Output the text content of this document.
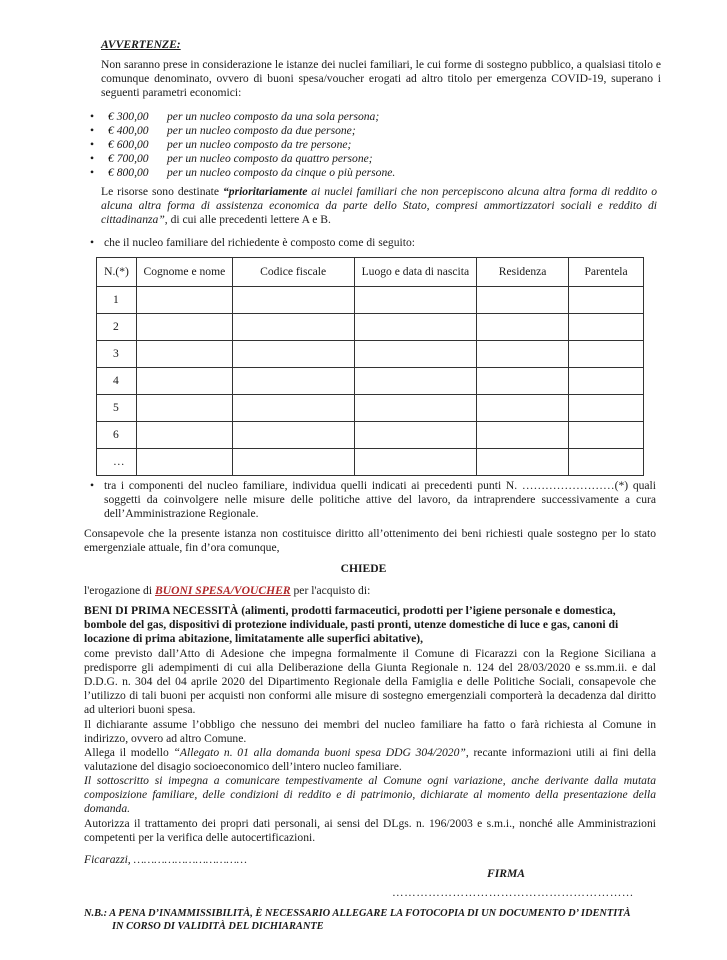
AVVERTENZE:
Non saranno prese in considerazione le istanze dei nuclei familiari, le cui forme di sostegno pubblico, a qualsiasi titolo e comunque denominato, ovvero di buoni spesa/voucher erogati ad altro titolo per emergenza COVID-19, superano i seguenti parametri economici:
• € 300,00 per un nucleo composto da una sola persona;
• € 400,00 per un nucleo composto da due persone;
• € 600,00 per un nucleo composto da tre persone;
• € 700,00 per un nucleo composto da quattro persone;
• € 800,00 per un nucleo composto da cinque o più persone.
Le risorse sono destinate “prioritariamente ai nuclei familiari che non percepiscono alcuna altra forma di reddito o alcuna altra forma di assistenza economica da parte dello Stato, compresi ammortizzatori sociali e reddito di cittadinanza”, di cui alle precedenti lettere A e B.
• che il nucleo familiare del richiedente è composto come di seguito:
N.(*)	Cognome e nome	Codice fiscale	Luogo e data di nascita	Residenza	Parentela
1					
2					
3					
4					
5					
6					
…					
• tra i componenti del nucleo familiare, individua quelli indicati ai precedenti punti N. ……………………(*) quali soggetti da coinvolgere nelle misure delle politiche attive del lavoro, da intraprendere successivamente a cura dell’Amministrazione Regionale.
Consapevole che la presente istanza non costituisce diritto all’ottenimento dei beni richiesti quale sostegno per lo stato emergenziale attuale, fin d’ora comunque,
CHIEDE
l'erogazione di BUONI SPESA/VOUCHER per l'acquisto di:
BENI DI PRIMA NECESSITÀ (alimenti, prodotti farmaceutici, prodotti per l’igiene personale e domestica, bombole del gas, dispositivi di protezione individuale, pasti pronti, utenze domestiche di luce e gas, canoni di locazione di prima abitazione, limitatamente alle superfici abitative),
come previsto dall’Atto di Adesione che impegna formalmente il Comune di Ficarazzi con la Regione Siciliana a predisporre gli adempimenti di cui alla Deliberazione della Giunta Regionale n. 124 del 28/03/2020 e ss.mm.ii. e dal D.D.G. n. 304 del 04 aprile 2020 del Dipartimento Regionale della Famiglia e delle Politiche Sociali, consapevole che l’utilizzo di tali buoni per acquisti non conformi alle misure di sostegno emergenziali comporterà la decadenza dal diritto ad ulteriori buoni spesa.
Il dichiarante assume l’obbligo che nessuno dei membri del nucleo familiare ha fatto o farà richiesta al Comune in indirizzo, ovvero ad altro Comune.
Allega il modello “Allegato n. 01 alla domanda buoni spesa DDG 304/2020”, recante informazioni utili ai fini della valutazione del disagio socioeconomico dell’intero nucleo familiare.
Il sottoscritto si impegna a comunicare tempestivamente al Comune ogni variazione, anche derivante dalla mutata composizione familiare, delle condizioni di reddito e di patrimonio, dichiarate al momento della presentazione della domanda.
Autorizza il trattamento dei propri dati personali, ai sensi del DLgs. n. 196/2003 e s.m.i., nonché alle Amministrazioni competenti per la verifica delle autocertificazioni.
Ficarazzi, ……………………………
FIRMA
……………………………………………………
N.B.: A PENA D’INAMMISSIBILITÀ, È NECESSARIO ALLEGARE LA FOTOCOPIA DI UN DOCUMENTO D’ IDENTITÀ
IN CORSO DI VALIDITÀ DEL DICHIARANTE
